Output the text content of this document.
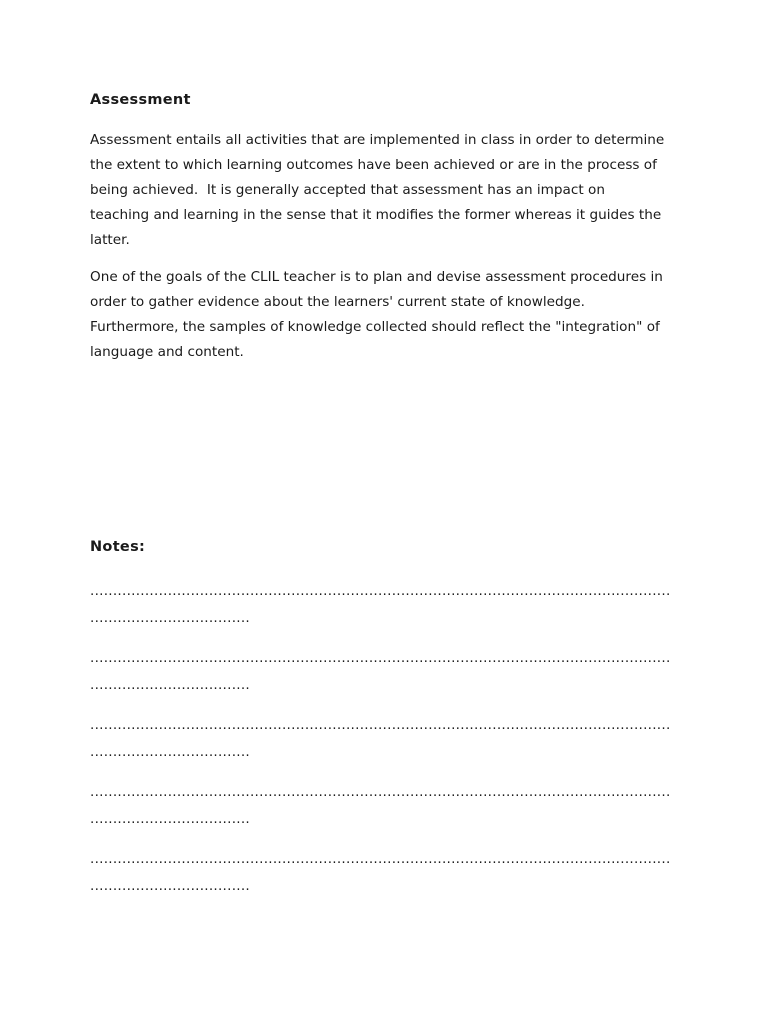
Assessment

Assessment entails all activities that are implemented in class in order to determine
the extent to which learning outcomes have been achieved or are in the process of
being achieved.  It is generally accepted that assessment has an impact on
teaching and learning in the sense that it modifies the former whereas it guides the
latter.

One of the goals of the CLIL teacher is to plan and devise assessment procedures in
order to gather evidence about the learners' current state of knowledge.
Furthermore, the samples of knowledge collected should reflect the "integration" of
language and content.

Notes:
...............................................................................................................................
...................................
...............................................................................................................................
...................................
...............................................................................................................................
...................................
...............................................................................................................................
...................................
...............................................................................................................................
...................................
